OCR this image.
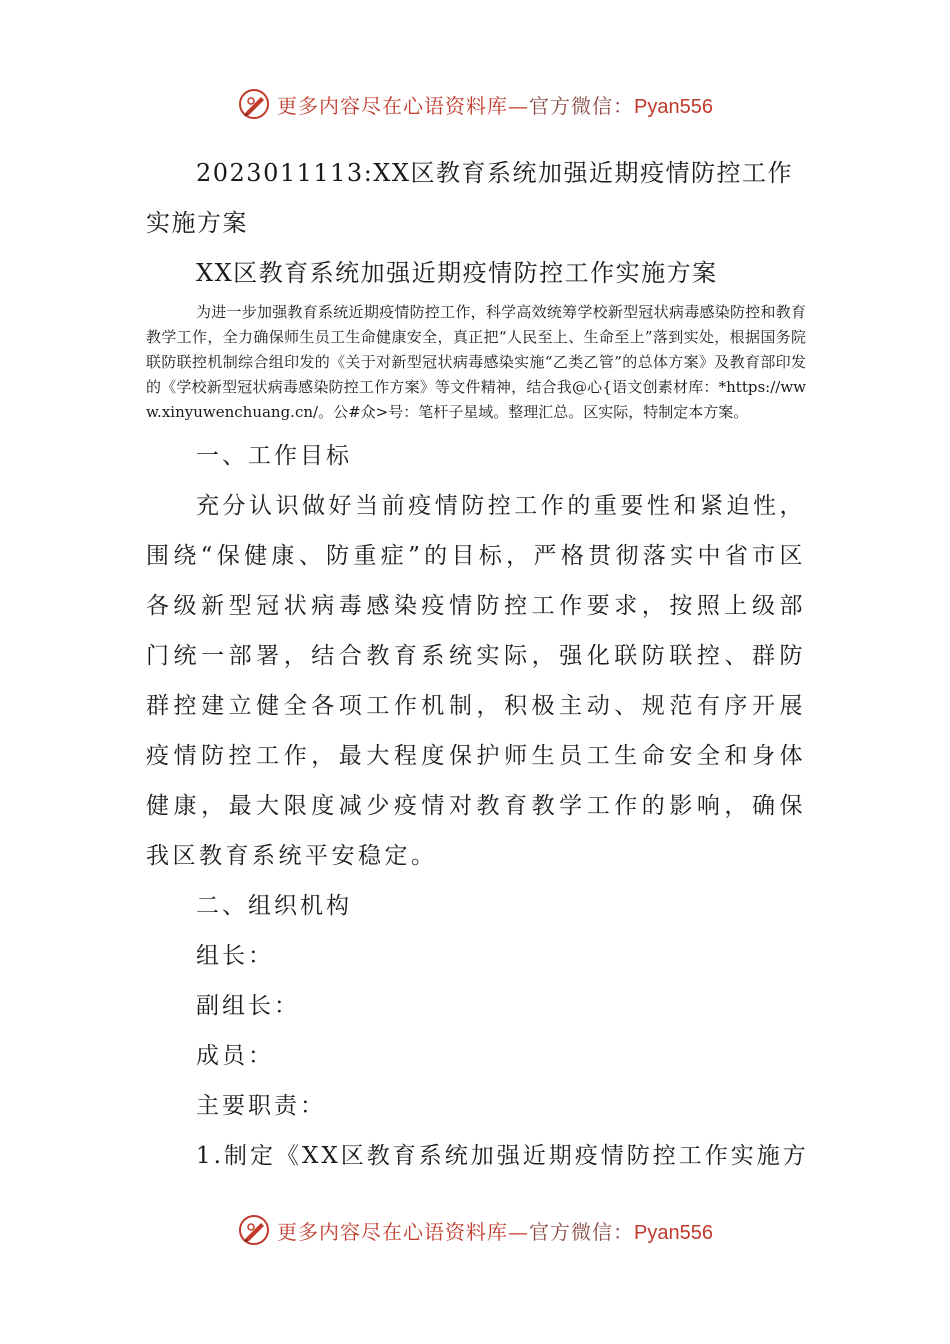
更多内容尽在心语资料库—官方微信：Pyan556

2023011113:XX区教育系统加强近期疫情防控工作实施方案

XX区教育系统加强近期疫情防控工作实施方案

为进一步加强教育系统近期疫情防控工作，科学高效统筹学校新型冠状病毒感染防控和教育教学工作，全力确保师生员工生命健康安全，真正把“人民至上、生命至上”落到实处，根据国务院联防联控机制综合组印发的《关于对新型冠状病毒感染实施“乙类乙管”的总体方案》及教育部印发的《学校新型冠状病毒感染防控工作方案》等文件精神，结合我@心{语文创素材库：*https://www.xinyuwenchuang.cn/。公#众>号：笔杆子星域。整理汇总。区实际，特制定本方案。

一、工作目标

充分认识做好当前疫情防控工作的重要性和紧迫性，围绕“保健康、防重症”的目标，严格贯彻落实中省市区各级新型冠状病毒感染疫情防控工作要求，按照上级部门统一部署，结合教育系统实际，强化联防联控、群防群控建立健全各项工作机制，积极主动、规范有序开展疫情防控工作，最大程度保护师生员工生命安全和身体健康，最大限度减少疫情对教育教学工作的影响，确保我区教育系统平安稳定。

二、组织机构

组长：

副组长：

成员：

主要职责：

1.制定《XX区教育系统加强近期疫情防控工作实施方

更多内容尽在心语资料库—官方微信：Pyan556
